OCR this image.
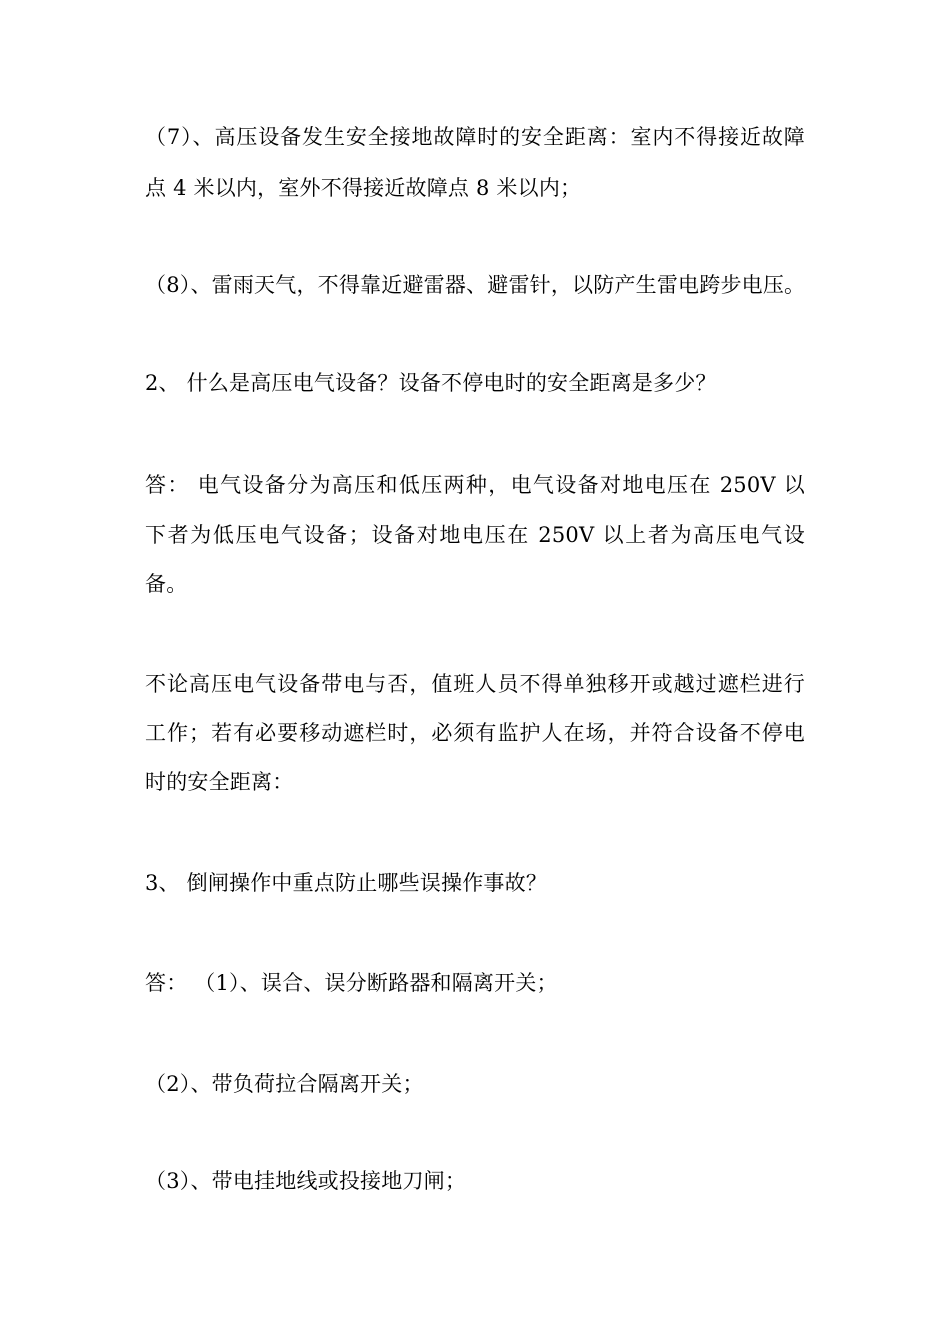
（7）、高压设备发生安全接地故障时的安全距离：室内不得接近故障
点 4 米以内，室外不得接近故障点 8 米以内；
（8）、雷雨天气，不得靠近避雷器、避雷针，以防产生雷电跨步电压。
2、 什么是高压电气设备？设备不停电时的安全距离是多少？
答： 电气设备分为高压和低压两种，电气设备对地电压在 250V 以
下者为低压电气设备；设备对地电压在 250V 以上者为高压电气设
备。
不论高压电气设备带电与否，值班人员不得单独移开或越过遮栏进行
工作；若有必要移动遮栏时，必须有监护人在场，并符合设备不停电
时的安全距离：
3、 倒闸操作中重点防止哪些误操作事故？
答： （1）、误合、误分断路器和隔离开关；
（2）、带负荷拉合隔离开关；
（3）、带电挂地线或投接地刀闸；
